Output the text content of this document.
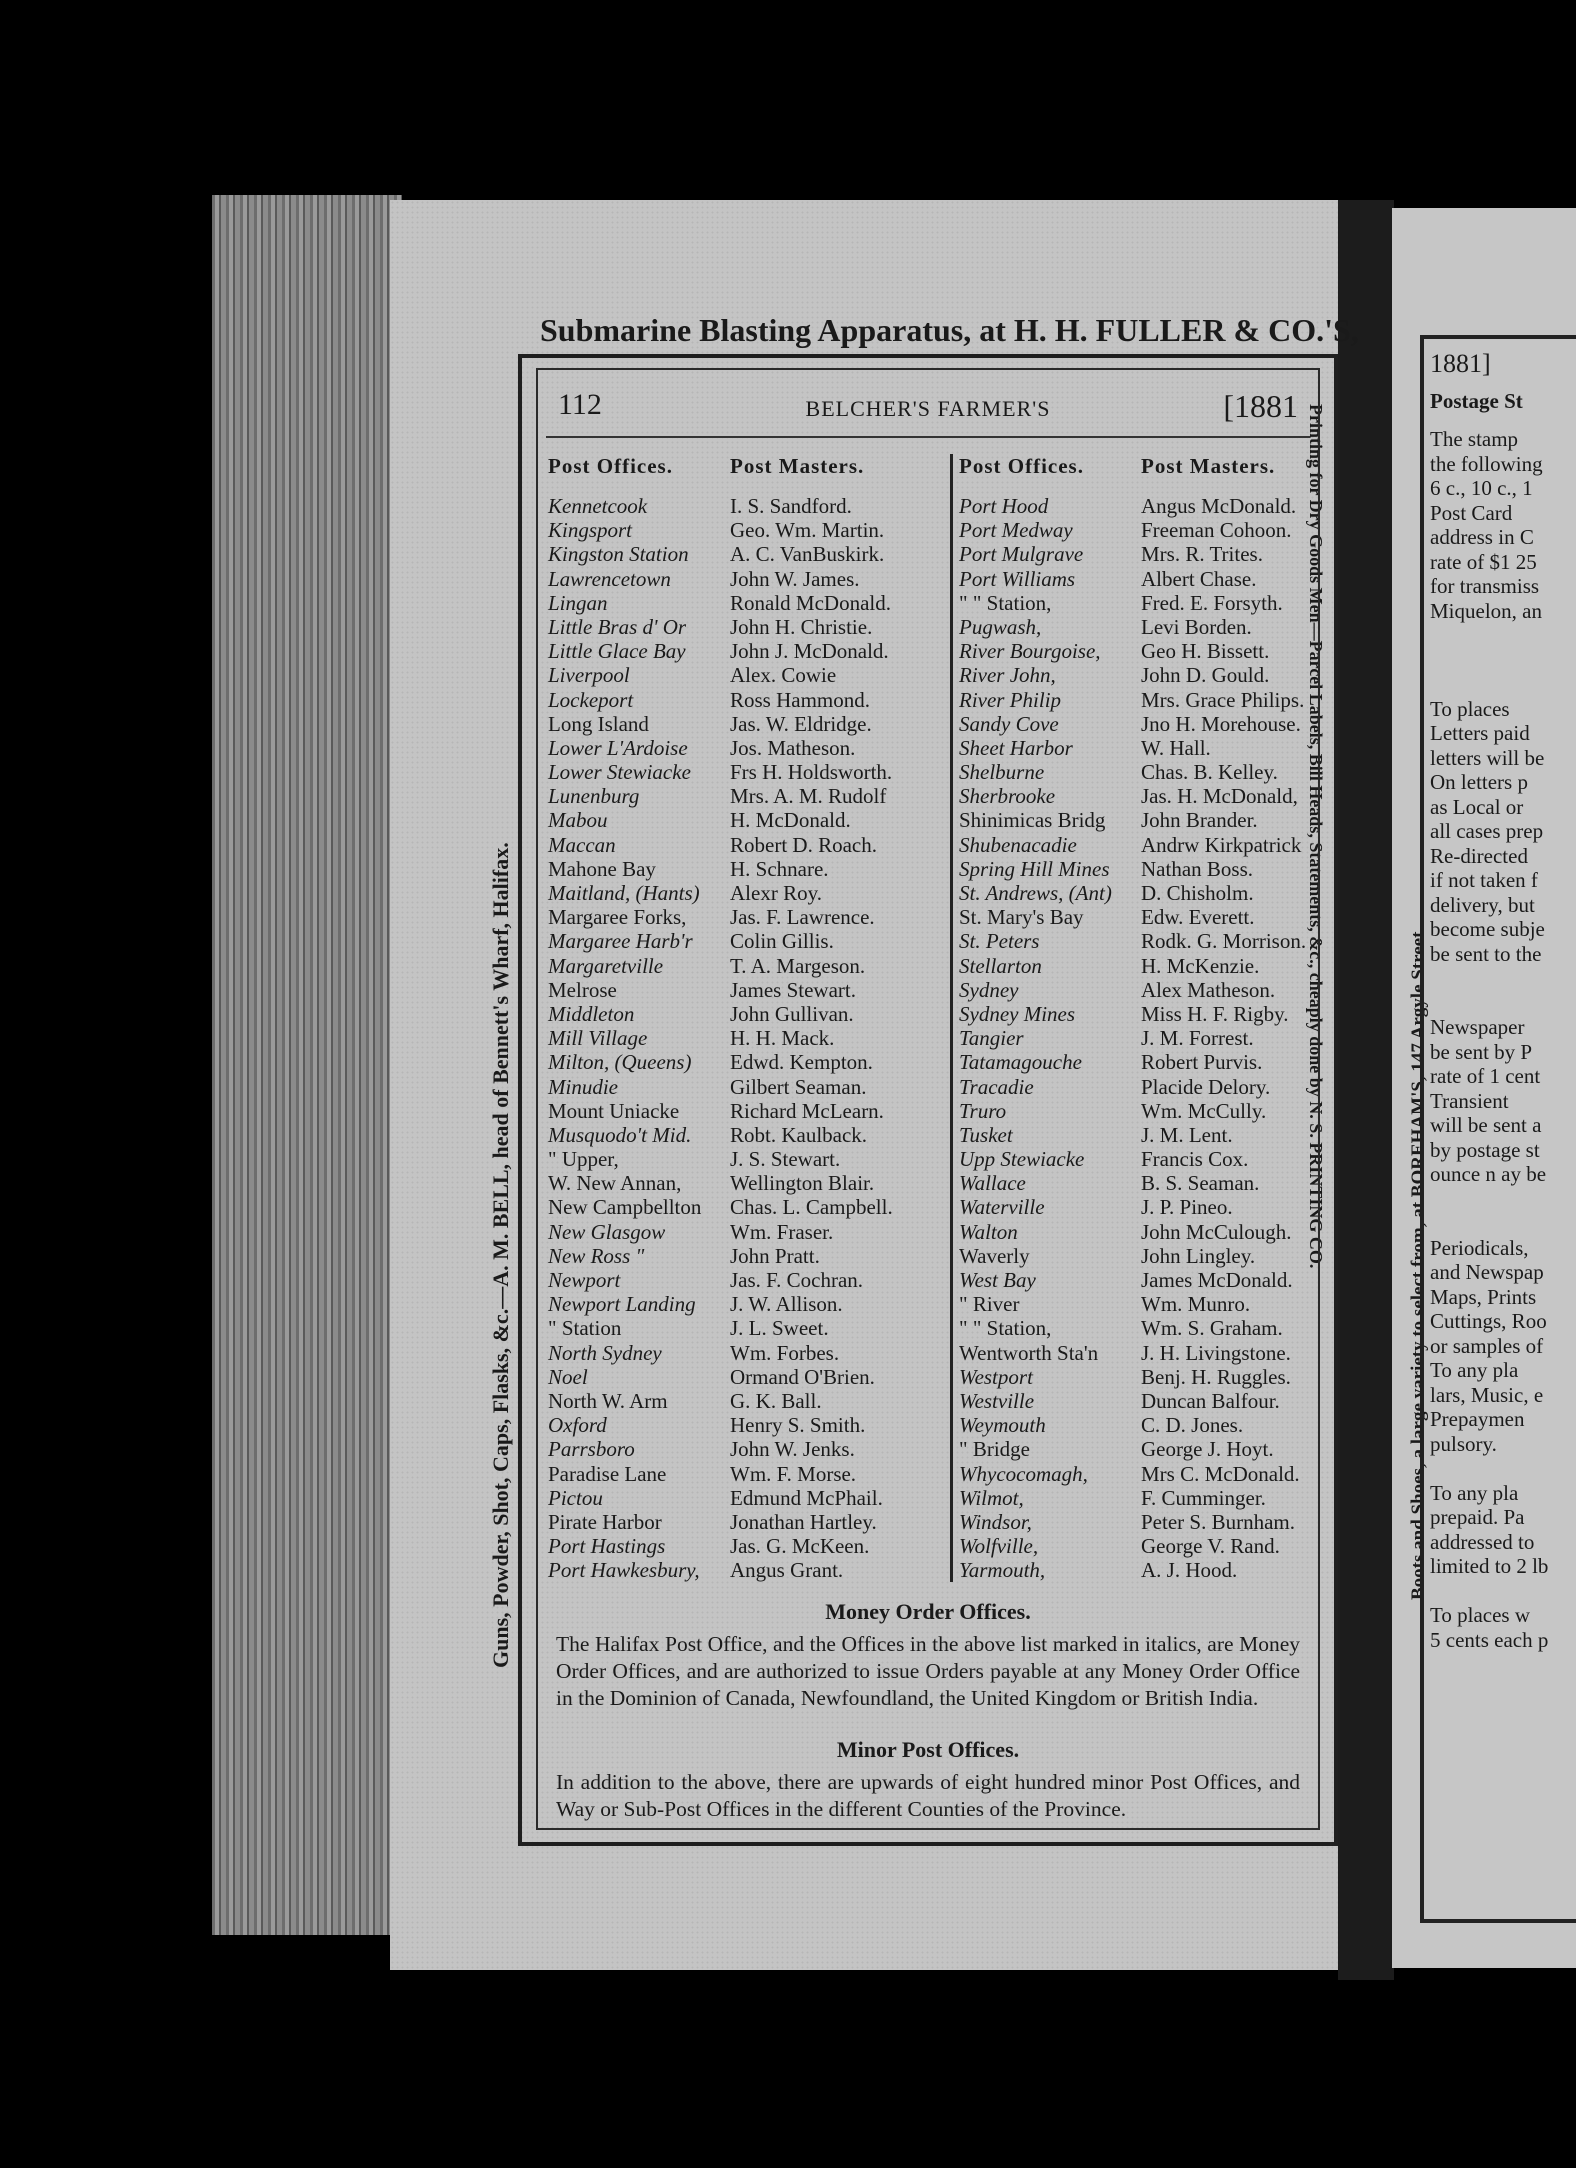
Submarine Blasting Apparatus, at H. H. FULLER & CO.'S,
Guns, Powder, Shot, Caps, Flasks, &c.—A. M. BELL, head of Bennett's Wharf, Halifax.	Printing for Dry Goods Men—Parcel Labels, Bill Heads, Statements, &c., cheaply done by N. S. PRINTING CO.
112	BELCHER'S FARMER'S	[1881
Post Offices.	Post Masters.
Kennetcook	I. S. Sandford.
Kingsport	Geo. Wm. Martin.
Kingston Station	A. C. VanBuskirk.
Lawrencetown	John W. James.
Lingan	Ronald McDonald.
Little Bras d' Or	John H. Christie.
Little Glace Bay	John J. McDonald.
Liverpool	Alex. Cowie
Lockeport	Ross Hammond.
Long Island	Jas. W. Eldridge.
Lower L'Ardoise	Jos. Matheson.
Lower Stewiacke	Frs H. Holdsworth.
Lunenburg	Mrs. A. M. Rudolf
Mabou	H. McDonald.
Maccan	Robert D. Roach.
Mahone Bay	H. Schnare.
Maitland, (Hants)	Alexr Roy.
Margaree Forks,	Jas. F. Lawrence.
Margaree Harb'r	Colin Gillis.
Margaretville	T. A. Margeson.
Melrose	James Stewart.
Middleton	John Gullivan.
Mill Village	H. H. Mack.
Milton, (Queens)	Edwd. Kempton.
Minudie	Gilbert Seaman.
Mount Uniacke	Richard McLearn.
Musquodo't Mid.	Robt. Kaulback.
" Upper,	J. S. Stewart.
W. New Annan,	Wellington Blair.
New Campbellton	Chas. L. Campbell.
New Glasgow	Wm. Fraser.
New Ross "	John Pratt.
Newport	Jas. F. Cochran.
Newport Landing	J. W. Allison.
" Station	J. L. Sweet.
North Sydney	Wm. Forbes.
Noel	Ormand O'Brien.
North W. Arm	G. K. Ball.
Oxford	Henry S. Smith.
Parrsboro	John W. Jenks.
Paradise Lane	Wm. F. Morse.
Pictou	Edmund McPhail.
Pirate Harbor	Jonathan Hartley.
Port Hastings	Jas. G. McKeen.
Port Hawkesbury,	Angus Grant.
Post Offices.	Post Masters.
Port Hood	Angus McDonald.
Port Medway	Freeman Cohoon.
Port Mulgrave	Mrs. R. Trites.
Port Williams	Albert Chase.
" " Station,	Fred. E. Forsyth.
Pugwash,	Levi Borden.
River Bourgoise,	Geo H. Bissett.
River John,	John D. Gould.
River Philip	Mrs. Grace Philips.
Sandy Cove	Jno H. Morehouse.
Sheet Harbor	W. Hall.
Shelburne	Chas. B. Kelley.
Sherbrooke	Jas. H. McDonald,
Shinimicas Bridg	John Brander.
Shubenacadie	Andrw Kirkpatrick
Spring Hill Mines	Nathan Boss.
St. Andrews, (Ant)	D. Chisholm.
St. Mary's Bay	Edw. Everett.
St. Peters	Rodk. G. Morrison.
Stellarton	H. McKenzie.
Sydney	Alex Matheson.
Sydney Mines	Miss H. F. Rigby.
Tangier	J. M. Forrest.
Tatamagouche	Robert Purvis.
Tracadie	Placide Delory.
Truro	Wm. McCully.
Tusket	J. M. Lent.
Upp Stewiacke	Francis Cox.
Wallace	B. S. Seaman.
Waterville	J. P. Pineo.
Walton	John McCulough.
Waverly	John Lingley.
West Bay	James McDonald.
" River	Wm. Munro.
" " Station,	Wm. S. Graham.
Wentworth Sta'n	J. H. Livingstone.
Westport	Benj. H. Ruggles.
Westville	Duncan Balfour.
Weymouth	C. D. Jones.
" Bridge	George J. Hoyt.
Whycocomagh,	Mrs C. McDonald.
Wilmot,	F. Cumminger.
Windsor,	Peter S. Burnham.
Wolfville,	George V. Rand.
Yarmouth,	A. J. Hood.
Money Order Offices.
The Halifax Post Office, and the Offices in the above list marked in italics, are Money Order Offices, and are authorized to issue Orders payable at any Money Order Office in the Dominion of Canada, Newfoundland, the United Kingdom or British India.
Minor Post Offices.
In addition to the above, there are upwards of eight hundred minor Post Offices, and Way or Sub-Post Offices in the different Counties of the Province.
Boots and Shoes, a large variety to select from, at BOREHAM'S, 147 Argyle Street.
1881]
Postage St
The stamp
the following
6 c., 10 c., 1
Post Card
address in C
rate of $1 25
for transmiss
Miquelon, an
To places
Letters paid
letters will be
On letters p
as Local or
all cases prep
Re-directed
if not taken f
delivery, but
become subje
be sent to the
Newspaper
be sent by P
rate of 1 cent
Transient
will be sent a
by postage st
ounce n ay be
Periodicals,
and Newspap
Maps, Prints
Cuttings, Roo
or samples of
To any pla
lars, Music, e
Prepaymen
pulsory.
To any pla
prepaid. Pa
addressed to
limited to 2 lb
To places w
5 cents each p
